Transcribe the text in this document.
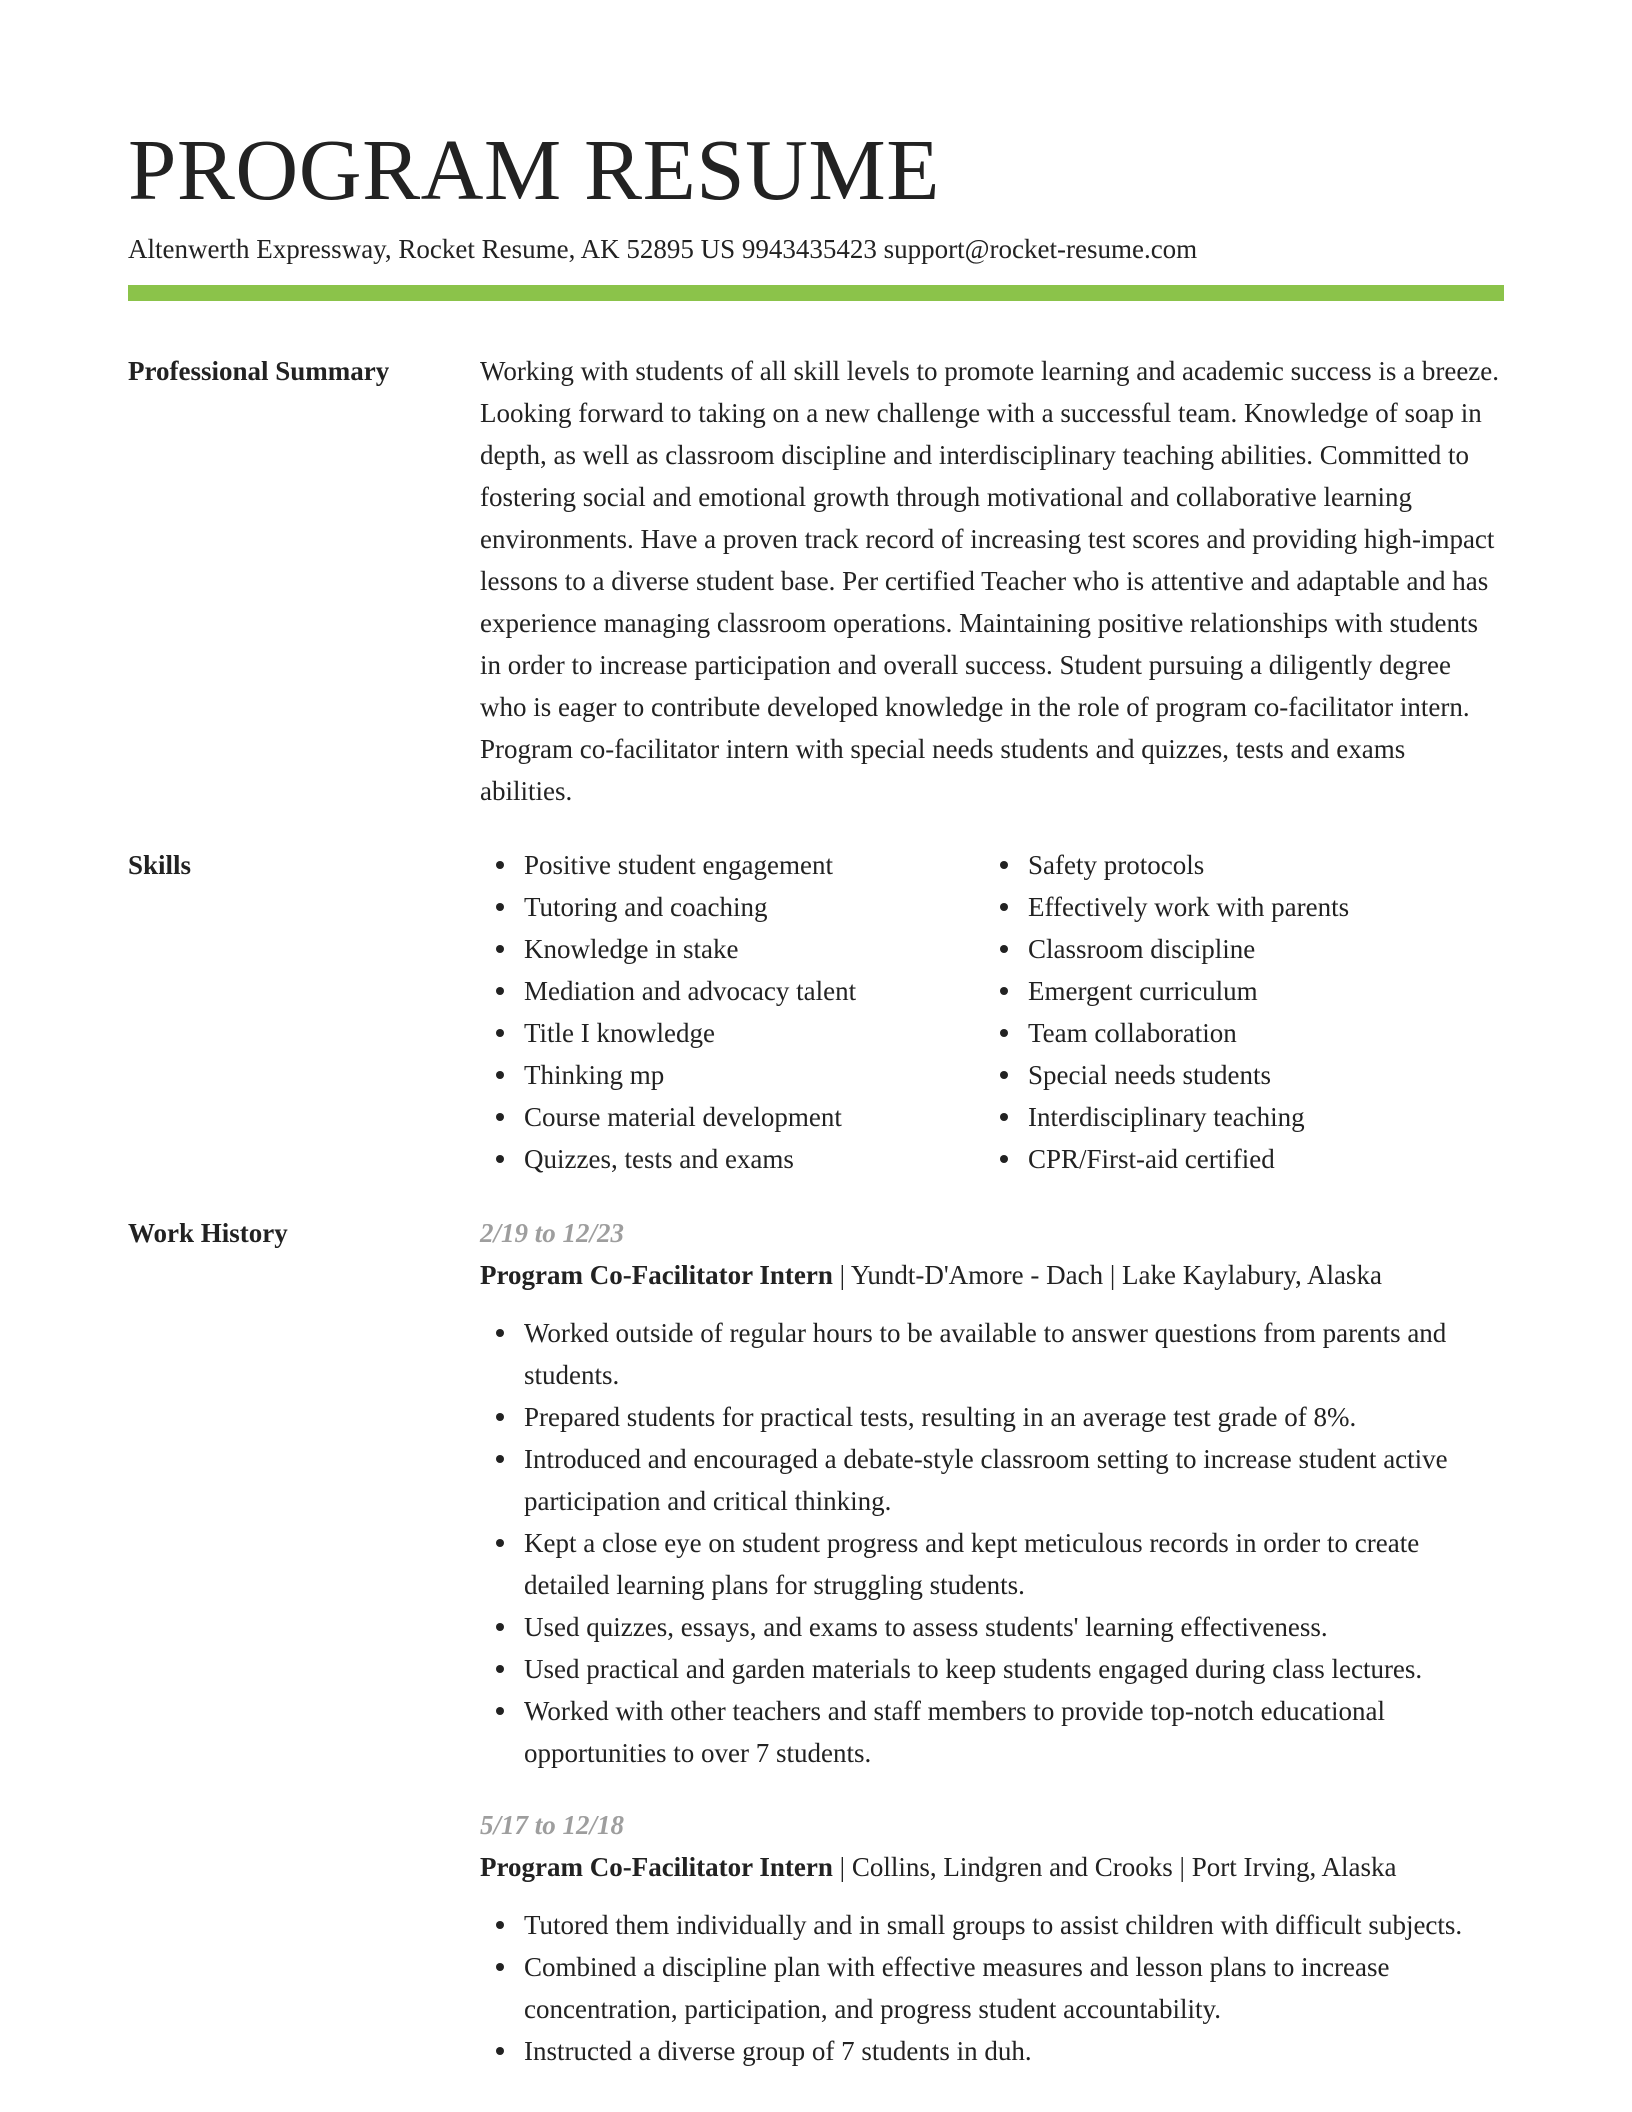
PROGRAM RESUME
Altenwerth Expressway, Rocket Resume, AK 52895 US 9943435423 support@rocket-resume.com
Professional Summary	Working with students of all skill levels to promote learning and academic success is a breeze. Looking forward to taking on a new challenge with a successful team. Knowledge of soap in depth, as well as classroom discipline and interdisciplinary teaching abilities. Committed to fostering social and emotional growth through motivational and collaborative learning environments. Have a proven track record of increasing test scores and providing high-impact lessons to a diverse student base. Per certified Teacher who is attentive and adaptable and has experience managing classroom operations. Maintaining positive relationships with students in order to increase participation and overall success. Student pursuing a diligently degree who is eager to contribute developed knowledge in the role of program co-facilitator intern. Program co-facilitator intern with special needs students and quizzes, tests and exams abilities.

Skills	Positive student engagement
Tutoring and coaching
Knowledge in stake
Mediation and advocacy talent
Title I knowledge
Thinking mp
Course material development
Quizzes, tests and exams
Safety protocols
Effectively work with parents
Classroom discipline
Emergent curriculum
Team collaboration
Special needs students
Interdisciplinary teaching
CPR/First-aid certified
Work History	2/19 to 12/23
Program Co-Facilitator Intern | Yundt-D'Amore - Dach | Lake Kaylabury, Alaska
Worked outside of regular hours to be available to answer questions from parents and students.
Prepared students for practical tests, resulting in an average test grade of 8%.
Introduced and encouraged a debate-style classroom setting to increase student active participation and critical thinking.
Kept a close eye on student progress and kept meticulous records in order to create detailed learning plans for struggling students.
Used quizzes, essays, and exams to assess students' learning effectiveness.
Used practical and garden materials to keep students engaged during class lectures.
Worked with other teachers and staff members to provide top-notch educational opportunities to over 7 students.
5/17 to 12/18
Program Co-Facilitator Intern | Collins, Lindgren and Crooks | Port Irving, Alaska
Tutored them individually and in small groups to assist children with difficult subjects.
Combined a discipline plan with effective measures and lesson plans to increase concentration, participation, and progress student accountability.
Instructed a diverse group of 7 students in duh.
